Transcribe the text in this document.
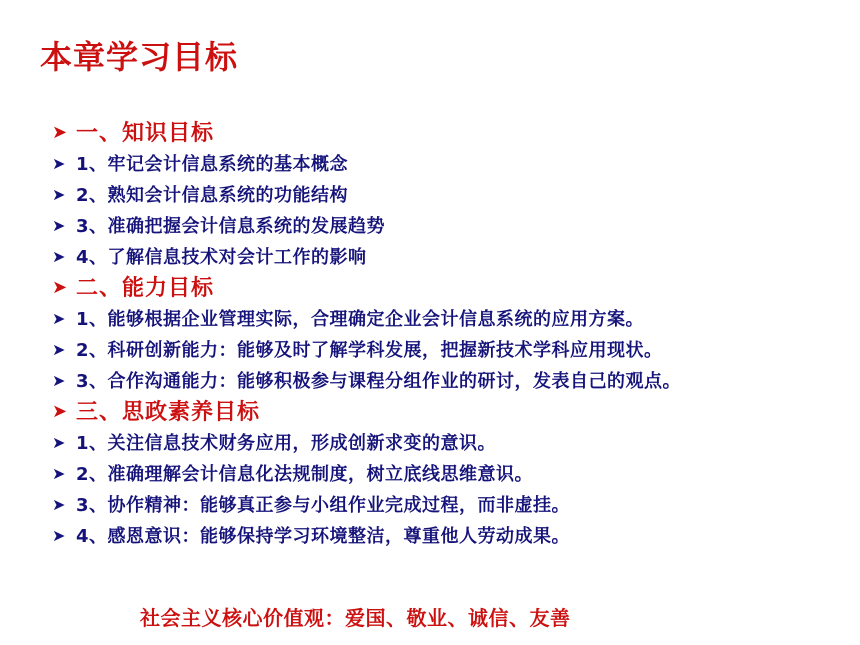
本章学习目标
➤ 一、知识目标
➤ 1、牢记会计信息系统的基本概念
➤ 2、熟知会计信息系统的功能结构
➤ 3、准确把握会计信息系统的发展趋势
➤ 4、了解信息技术对会计工作的影响
➤ 二、能力目标
➤ 1、能够根据企业管理实际，合理确定企业会计信息系统的应用方案。
➤ 2、科研创新能力：能够及时了解学科发展，把握新技术学科应用现状。
➤ 3、合作沟通能力：能够积极参与课程分组作业的研讨，发表自己的观点。
➤ 三、思政素养目标
➤ 1、关注信息技术财务应用，形成创新求变的意识。
➤ 2、准确理解会计信息化法规制度，树立底线思维意识。
➤ 3、协作精神：能够真正参与小组作业完成过程，而非虚挂。
➤ 4、感恩意识：能够保持学习环境整洁，尊重他人劳动成果。
社会主义核心价值观：爱国、敬业、诚信、友善
